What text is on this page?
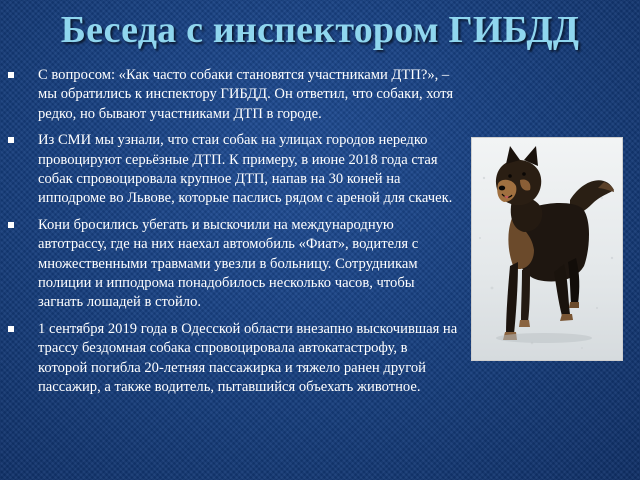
Беседа с инспектором ГИБДД
С вопросом: «Как часто собаки становятся участниками ДТП?», – мы обратились к инспектору ГИБДД. Он ответил, что собаки, хотя редко, но бывают участниками ДТП в городе.
Из СМИ мы узнали, что стаи собак на улицах городов нередко провоцируют серьёзные ДТП. К примеру, в июне 2018 года стая собак спровоцировала крупное ДТП, напав на 30 коней на ипподроме во Львове, которые паслись рядом с ареной для скачек.
Кони бросились убегать и выскочили на международную автотрассу, где на них наехал автомобиль «Фиат», водителя с множественными травмами увезли в больницу. Сотрудникам полиции и ипподрома понадобилось несколько часов, чтобы загнать лошадей в стойло.
1 сентября 2019 года в Одесской области внезапно выскочившая на трассу бездомная собака спровоцировала автокатастрофу, в которой погибла 20-летняя пассажирка и тяжело ранен другой пассажир, а также водитель, пытавшийся объехать животное.
